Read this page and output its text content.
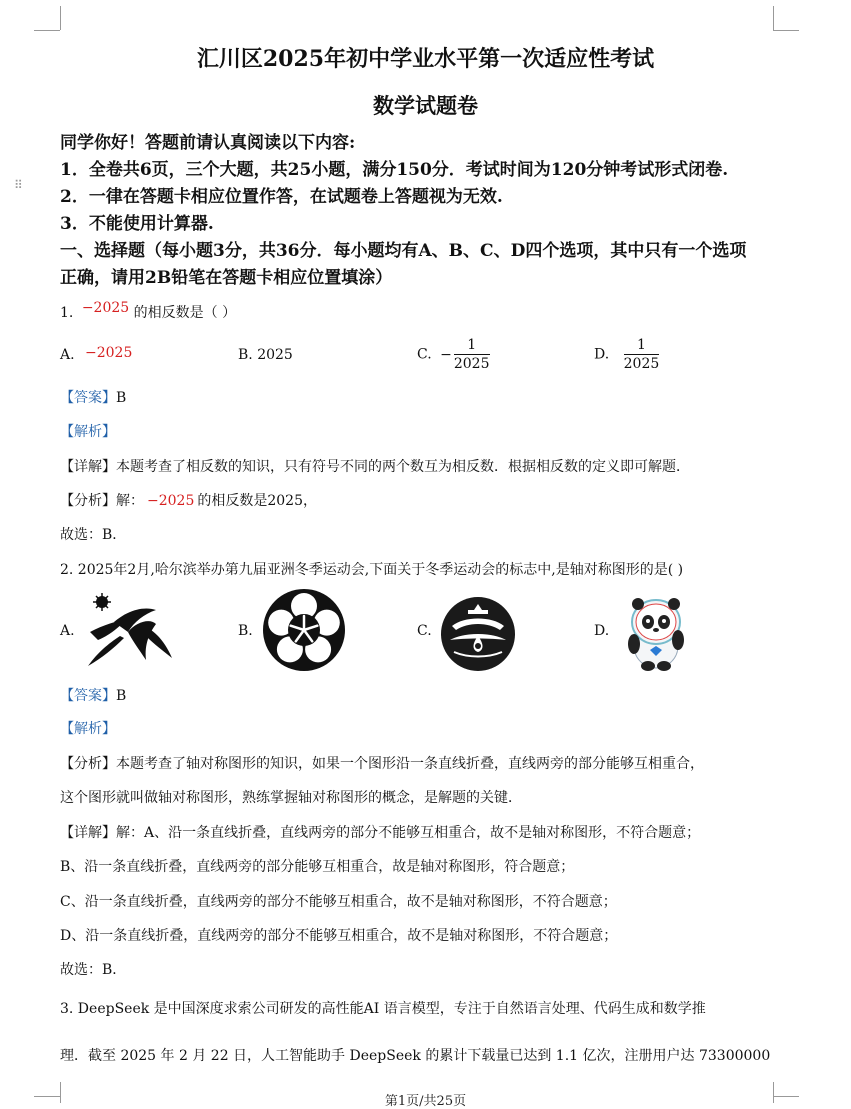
⠿
汇川区2025年初中学业水平第一次适应性考试
数学试题卷
同学你好！答题前请认真阅读以下内容:
1．全卷共6页，三个大题，共25小题，满分150分．考试时间为120分钟考试形式闭卷.
2．一律在答题卡相应位置作答，在试题卷上答题视为无效.
3．不能使用计算器.
一、选择题（每小题3分，共36分．每小题均有A、B、C、D四个选项，其中只有一个选项
正确，请用2B铅笔在答题卡相应位置填涂）
1. −2025 的相反数是（ ）
A. −2025	B. 2025	C. − $\frac{1}{2025}$	D. $\frac{1}{2025}$
【答案】B
【解析】
【详解】本题考查了相反数的知识，只有符号不同的两个数互为相反数．根据相反数的定义即可解题．
【分析】解： −2025 的相反数是2025，
故选：B．
2. 2025年2月,哈尔滨举办第九届亚洲冬季运动会,下面关于冬季运动会的标志中,是轴对称图形的是( )
A.	B.	C.	D.
【答案】B
【解析】
【分析】本题考查了轴对称图形的知识，如果一个图形沿一条直线折叠，直线两旁的部分能够互相重合，
这个图形就叫做轴对称图形，熟练掌握轴对称图形的概念，是解题的关键．
【详解】解：A、沿一条直线折叠，直线两旁的部分不能够互相重合，故不是轴对称图形，不符合题意；
B、沿一条直线折叠，直线两旁的部分能够互相重合，故是轴对称图形，符合题意；
C、沿一条直线折叠，直线两旁的部分不能够互相重合，故不是轴对称图形，不符合题意；
D、沿一条直线折叠，直线两旁的部分不能够互相重合，故不是轴对称图形，不符合题意；
故选：B．
3. DeepSeek 是中国深度求索公司研发的高性能AI 语言模型，专注于自然语言处理、代码生成和数学推
理．截至 2025 年 2 月 22 日，人工智能助手 DeepSeek 的累计下载量已达到 1.1 亿次，注册用户达 73300000
第1页/共25页
